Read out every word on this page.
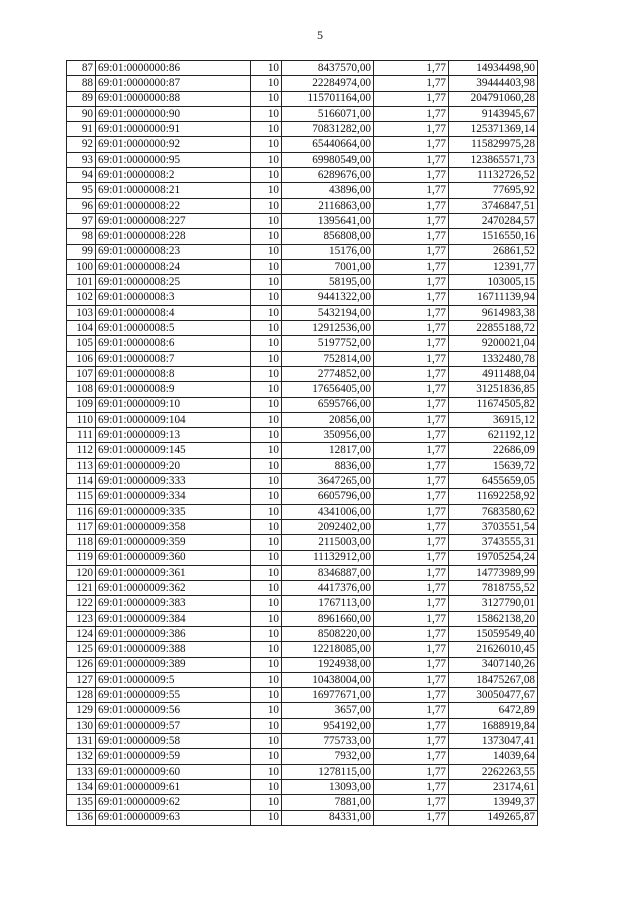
5
87	69:01:0000000:86	10	8437570,00	1,77	14934498,90
88	69:01:0000000:87	10	22284974,00	1,77	39444403,98
89	69:01:0000000:88	10	115701164,00	1,77	204791060,28
90	69:01:0000000:90	10	5166071,00	1,77	9143945,67
91	69:01:0000000:91	10	70831282,00	1,77	125371369,14
92	69:01:0000000:92	10	65440664,00	1,77	115829975,28
93	69:01:0000000:95	10	69980549,00	1,77	123865571,73
94	69:01:0000008:2	10	6289676,00	1,77	11132726,52
95	69:01:0000008:21	10	43896,00	1,77	77695,92
96	69:01:0000008:22	10	2116863,00	1,77	3746847,51
97	69:01:0000008:227	10	1395641,00	1,77	2470284,57
98	69:01:0000008:228	10	856808,00	1,77	1516550,16
99	69:01:0000008:23	10	15176,00	1,77	26861,52
100	69:01:0000008:24	10	7001,00	1,77	12391,77
101	69:01:0000008:25	10	58195,00	1,77	103005,15
102	69:01:0000008:3	10	9441322,00	1,77	16711139,94
103	69:01:0000008:4	10	5432194,00	1,77	9614983,38
104	69:01:0000008:5	10	12912536,00	1,77	22855188,72
105	69:01:0000008:6	10	5197752,00	1,77	9200021,04
106	69:01:0000008:7	10	752814,00	1,77	1332480,78
107	69:01:0000008:8	10	2774852,00	1,77	4911488,04
108	69:01:0000008:9	10	17656405,00	1,77	31251836,85
109	69:01:0000009:10	10	6595766,00	1,77	11674505,82
110	69:01:0000009:104	10	20856,00	1,77	36915,12
111	69:01:0000009:13	10	350956,00	1,77	621192,12
112	69:01:0000009:145	10	12817,00	1,77	22686,09
113	69:01:0000009:20	10	8836,00	1,77	15639,72
114	69:01:0000009:333	10	3647265,00	1,77	6455659,05
115	69:01:0000009:334	10	6605796,00	1,77	11692258,92
116	69:01:0000009:335	10	4341006,00	1,77	7683580,62
117	69:01:0000009:358	10	2092402,00	1,77	3703551,54
118	69:01:0000009:359	10	2115003,00	1,77	3743555,31
119	69:01:0000009:360	10	11132912,00	1,77	19705254,24
120	69:01:0000009:361	10	8346887,00	1,77	14773989,99
121	69:01:0000009:362	10	4417376,00	1,77	7818755,52
122	69:01:0000009:383	10	1767113,00	1,77	3127790,01
123	69:01:0000009:384	10	8961660,00	1,77	15862138,20
124	69:01:0000009:386	10	8508220,00	1,77	15059549,40
125	69:01:0000009:388	10	12218085,00	1,77	21626010,45
126	69:01:0000009:389	10	1924938,00	1,77	3407140,26
127	69:01:0000009:5	10	10438004,00	1,77	18475267,08
128	69:01:0000009:55	10	16977671,00	1,77	30050477,67
129	69:01:0000009:56	10	3657,00	1,77	6472,89
130	69:01:0000009:57	10	954192,00	1,77	1688919,84
131	69:01:0000009:58	10	775733,00	1,77	1373047,41
132	69:01:0000009:59	10	7932,00	1,77	14039,64
133	69:01:0000009:60	10	1278115,00	1,77	2262263,55
134	69:01:0000009:61	10	13093,00	1,77	23174,61
135	69:01:0000009:62	10	7881,00	1,77	13949,37
136	69:01:0000009:63	10	84331,00	1,77	149265,87
